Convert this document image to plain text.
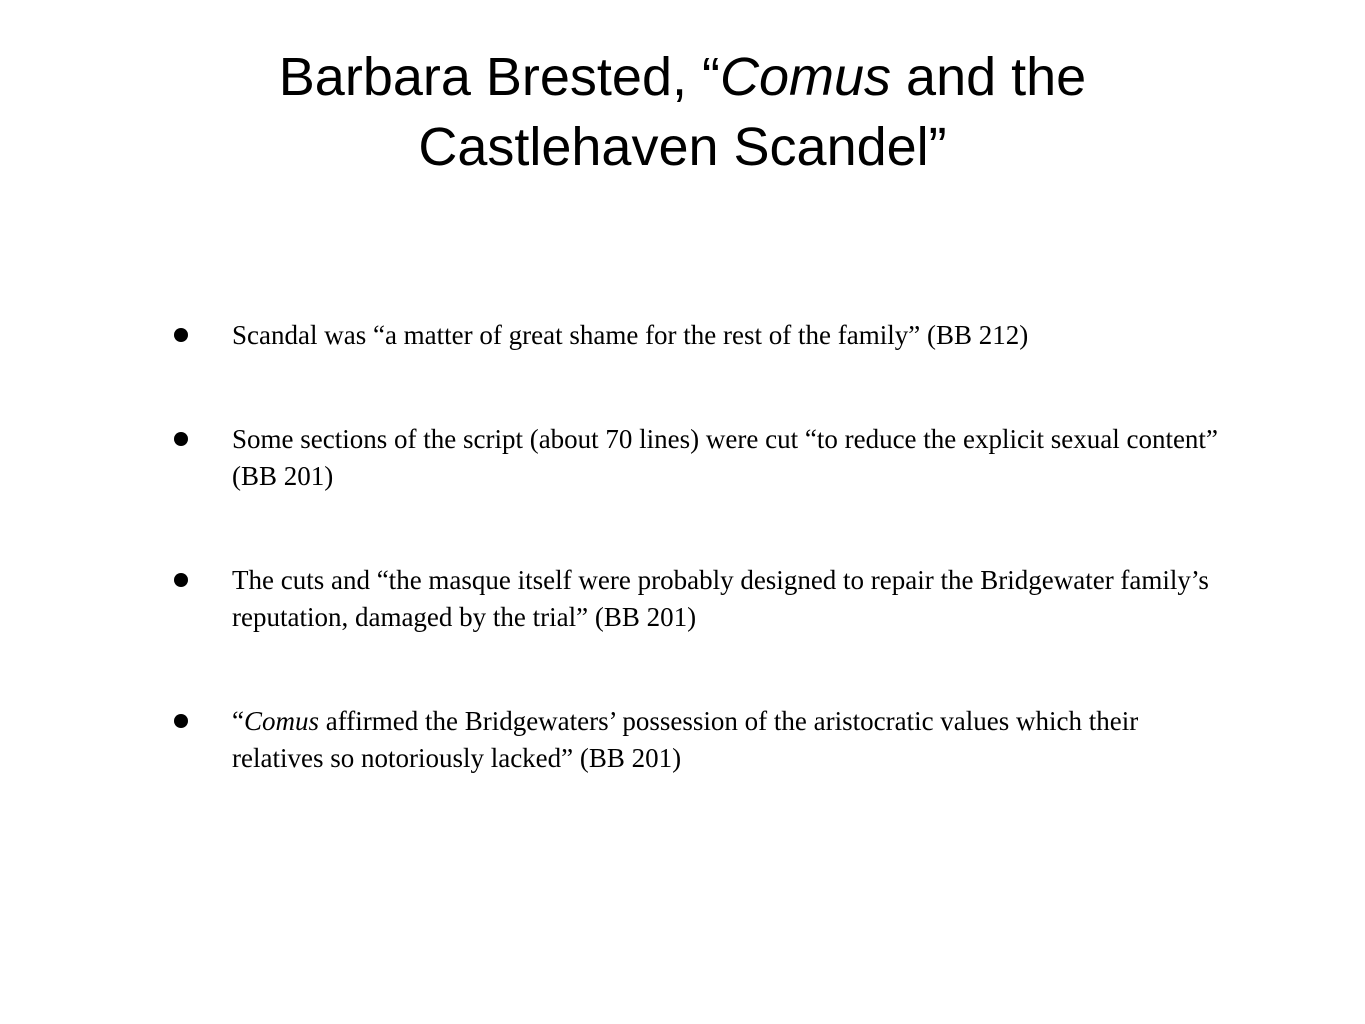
Barbara Brested, “Comus and the
Castlehaven Scandel”
Scandal was “a matter of great shame for the rest of the family” (BB 212)
Some sections of the script (about 70 lines) were cut “to reduce the explicit sexual content” (BB 201)
The cuts and “the masque itself were probably designed to repair the Bridgewater family’s reputation, damaged by the trial” (BB 201)
“Comus affirmed the Bridgewaters’ possession of the aristocratic values which their relatives so notoriously lacked” (BB 201)
